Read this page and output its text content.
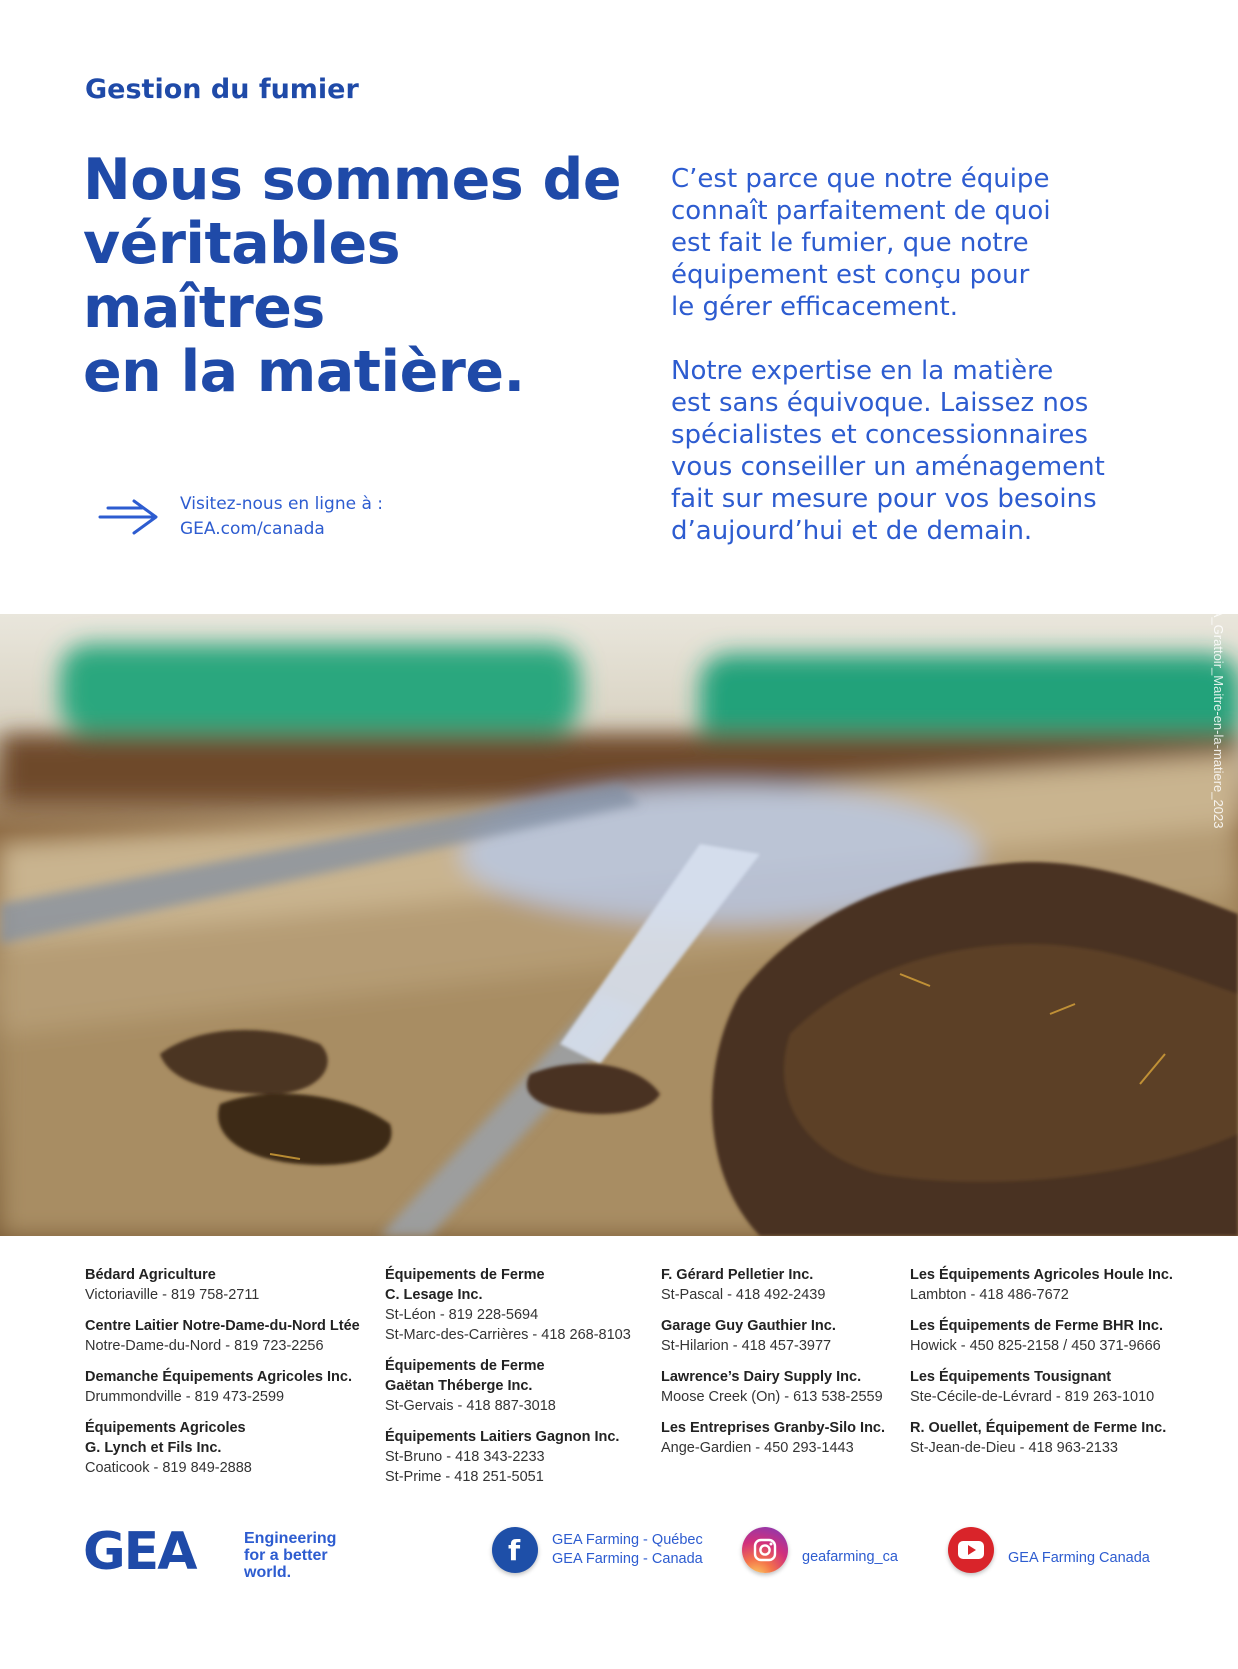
Gestion du fumier
Nous sommes de
véritables maîtres
en la matière.

C’est parce que notre équipe
connaît parfaitement de quoi
est fait le fumier, que notre
équipement est conçu pour
le gérer efficacement.

Notre expertise en la matière
est sans équivoque. Laissez nos
spécialistes et concessionnaires
vous conseiller un aménagement
fait sur mesure pour vos besoins
d’aujourd’hui et de demain.

Visitez-nous en ligne à :
GEA.com/canada
GEA_Grattoir_Maitre-en-la-matiere_2023
Bédard Agriculture
Victoriaville - 819 758-2711
Centre Laitier Notre-Dame-du-Nord Ltée
Notre-Dame-du-Nord - 819 723-2256
Demanche Équipements Agricoles Inc.
Drummondville - 819 473-2599
Équipements Agricoles
G. Lynch et Fils Inc.
Coaticook - 819 849-2888
Équipements de Ferme
C. Lesage Inc.
St-Léon - 819 228-5694
St-Marc-des-Carrières - 418 268-8103
Équipements de Ferme
Gaëtan Théberge Inc.
St-Gervais - 418 887-3018
Équipements Laitiers Gagnon Inc.
St-Bruno - 418 343-2233
St-Prime - 418 251-5051
F. Gérard Pelletier Inc.
St-Pascal - 418 492-2439
Garage Guy Gauthier Inc.
St-Hilarion - 418 457-3977
Lawrence’s Dairy Supply Inc.
Moose Creek (On) - 613 538-2559
Les Entreprises Granby-Silo Inc.
Ange-Gardien - 450 293-1443
Les Équipements Agricoles Houle Inc.
Lambton - 418 486-7672
Les Équipements de Ferme BHR Inc.
Howick - 450 825-2158 / 450 371-9666
Les Équipements Tousignant
Ste-Cécile-de-Lévrard - 819 263-1010
R. Ouellet, Équipement de Ferme Inc.
St-Jean-de-Dieu - 418 963-2133
GEA	Engineering
for a better
world.
f GEA Farming - Québec
GEA Farming - Canada	geafarming_ca	GEA Farming Canada
